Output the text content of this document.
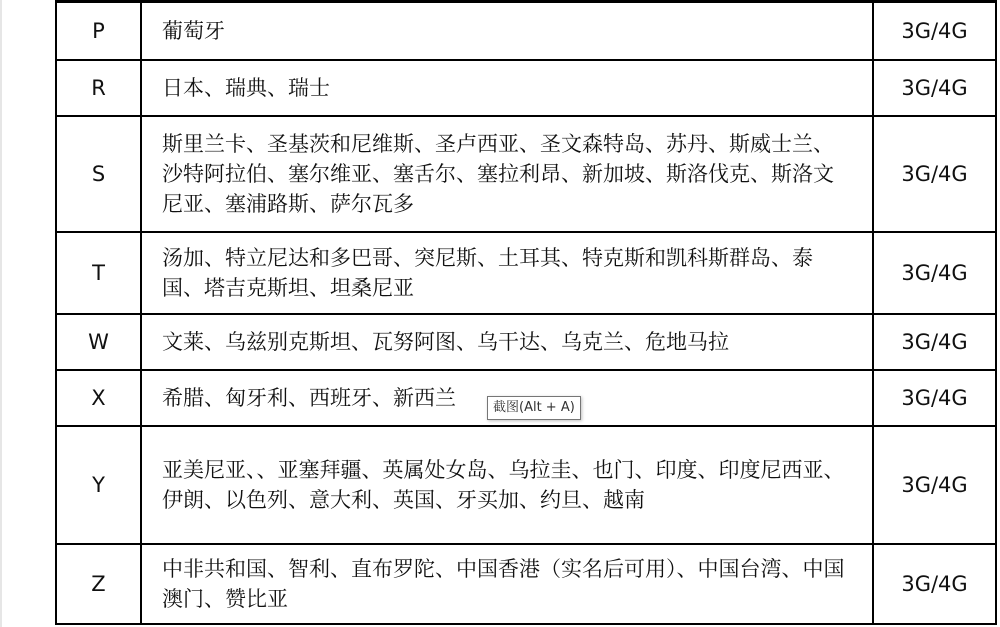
P	葡萄牙	3G/4G
R	日本、瑞典、瑞士	3G/4G
S	斯里兰卡、圣基茨和尼维斯、圣卢西亚、圣文森特岛、苏丹、斯威士兰、沙特阿拉伯、塞尔维亚、塞舌尔、塞拉利昂、新加坡、斯洛伐克、斯洛文尼亚、塞浦路斯、萨尔瓦多	3G/4G
T	汤加、特立尼达和多巴哥、突尼斯、土耳其、特克斯和凯科斯群岛、泰国、塔吉克斯坦、坦桑尼亚	3G/4G
W	文莱、乌兹别克斯坦、瓦努阿图、乌干达、乌克兰、危地马拉	3G/4G
X	希腊、匈牙利、西班牙、新西兰	3G/4G
Y	亚美尼亚、、亚塞拜疆、英属处女岛、乌拉圭、也门、印度、印度尼西亚、伊朗、以色列、意大利、英国、牙买加、约旦、越南	3G/4G
Z	中非共和国、智利、直布罗陀、中国香港（实名后可用）、中国台湾、中国澳门、赞比亚	3G/4G
截图(Alt + A)
